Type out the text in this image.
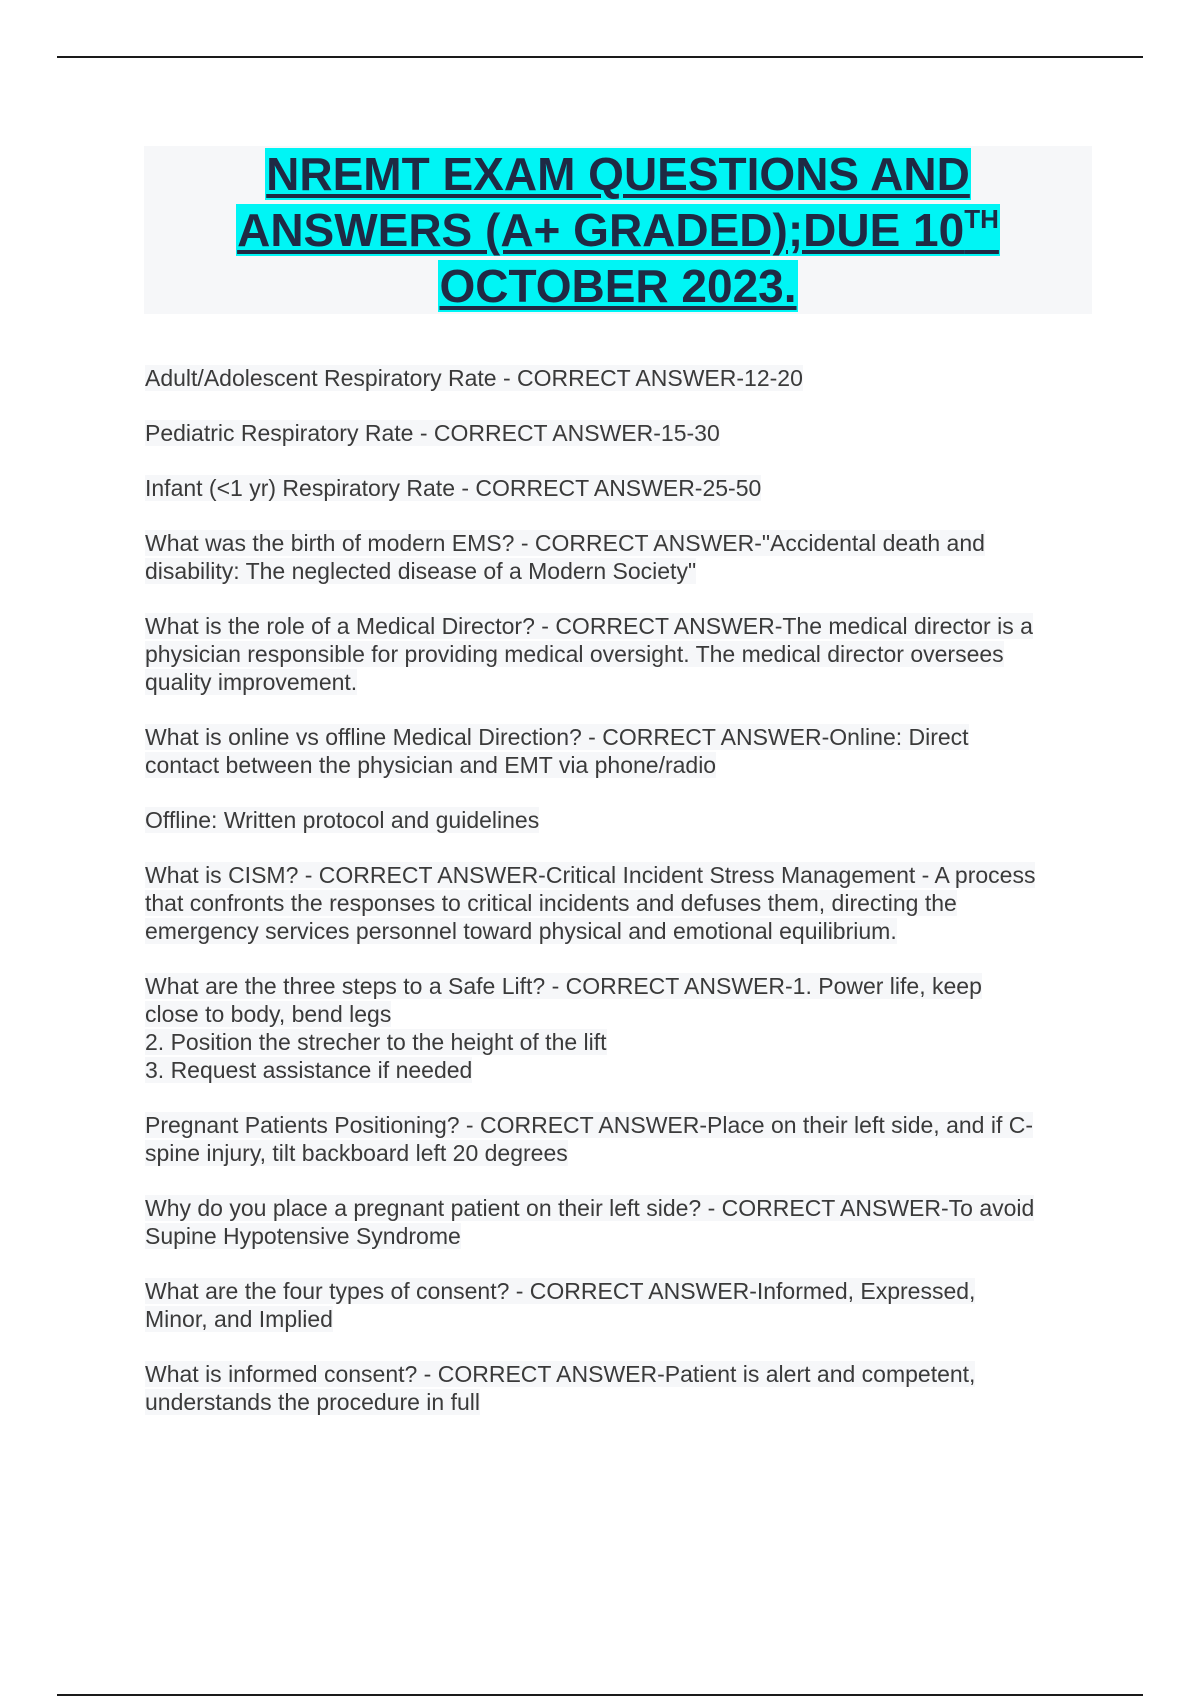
NREMT EXAM QUESTIONS AND
ANSWERS (A+ GRADED);DUE 10TH
OCTOBER 2023.

Adult/Adolescent Respiratory Rate - CORRECT ANSWER-12-20

Pediatric Respiratory Rate - CORRECT ANSWER-15-30

Infant (<1 yr) Respiratory Rate - CORRECT ANSWER-25-50

What was the birth of modern EMS? - CORRECT ANSWER-"Accidental death and
disability: The neglected disease of a Modern Society"

What is the role of a Medical Director? - CORRECT ANSWER-The medical director is a
physician responsible for providing medical oversight. The medical director oversees
quality improvement.

What is online vs offline Medical Direction? - CORRECT ANSWER-Online: Direct
contact between the physician and EMT via phone/radio

Offline: Written protocol and guidelines

What is CISM? - CORRECT ANSWER-Critical Incident Stress Management - A process
that confronts the responses to critical incidents and defuses them, directing the
emergency services personnel toward physical and emotional equilibrium.

What are the three steps to a Safe Lift? - CORRECT ANSWER-1. Power life, keep
close to body, bend legs
2. Position the strecher to the height of the lift
3. Request assistance if needed

Pregnant Patients Positioning? - CORRECT ANSWER-Place on their left side, and if C-
spine injury, tilt backboard left 20 degrees

Why do you place a pregnant patient on their left side? - CORRECT ANSWER-To avoid
Supine Hypotensive Syndrome

What are the four types of consent? - CORRECT ANSWER-Informed, Expressed,
Minor, and Implied

What is informed consent? - CORRECT ANSWER-Patient is alert and competent,
understands the procedure in full
